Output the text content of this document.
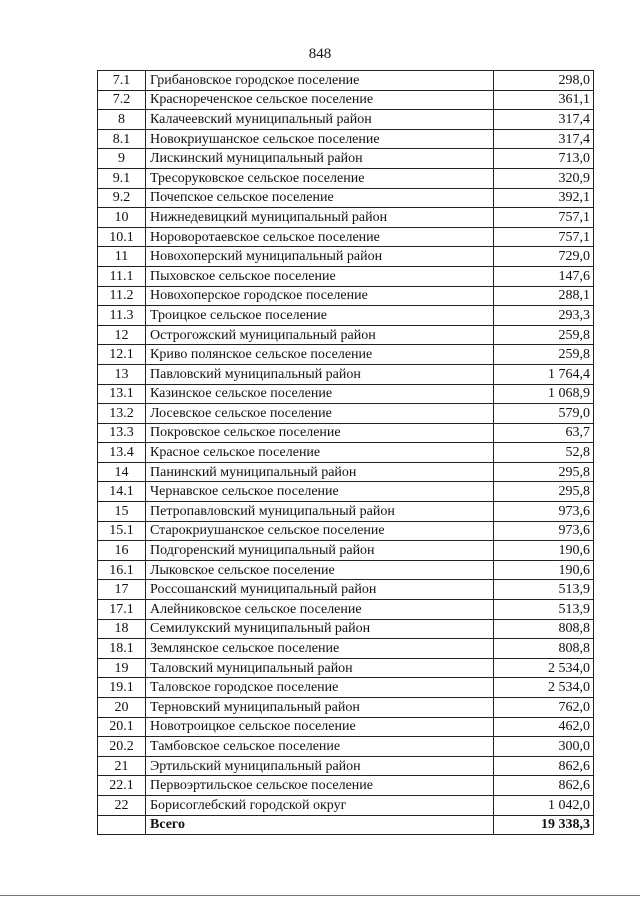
848
7.1	Грибановское городское поселение	298,0
7.2	Краснореченское сельское поселение	361,1
8	Калачеевский муниципальный район	317,4
8.1	Новокриушанское сельское поселение	317,4
9	Лискинский муниципальный район	713,0
9.1	Тресоруковское сельское поселение	320,9
9.2	Почепское сельское поселение	392,1
10	Нижнедевицкий муниципальный район	757,1
10.1	Нороворотаевское сельское поселение	757,1
11	Новохоперский муниципальный район	729,0
11.1	Пыховское сельское поселение	147,6
11.2	Новохоперское городское поселение	288,1
11.3	Троицкое сельское поселение	293,3
12	Острогожский муниципальный район	259,8
12.1	Криво полянское сельское поселение	259,8
13	Павловский муниципальный район	1 764,4
13.1	Казинское сельское поселение	1 068,9
13.2	Лосевское сельское поселение	579,0
13.3	Покровское сельское поселение	63,7
13.4	Красное сельское поселение	52,8
14	Панинский муниципальный район	295,8
14.1	Чернавское сельское поселение	295,8
15	Петропавловский муниципальный район	973,6
15.1	Старокриушанское сельское поселение	973,6
16	Подгоренский муниципальный район	190,6
16.1	Лыковское сельское поселение	190,6
17	Россошанский муниципальный район	513,9
17.1	Алейниковское сельское поселение	513,9
18	Семилукский муниципальный район	808,8
18.1	Землянское сельское поселение	808,8
19	Таловский муниципальный район	2 534,0
19.1	Таловское городское поселение	2 534,0
20	Терновский муниципальный район	762,0
20.1	Новотроицкое сельское поселение	462,0
20.2	Тамбовское сельское поселение	300,0
21	Эртильский муниципальный район	862,6
22.1	Первоэртильское сельское поселение	862,6
22	Борисоглебский городской округ	1 042,0
	Всего	19 338,3
